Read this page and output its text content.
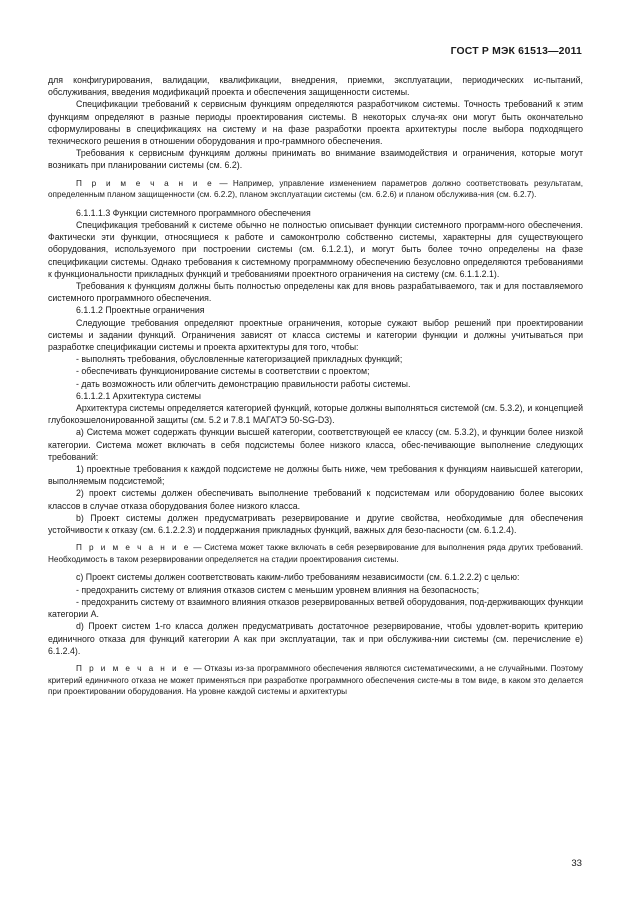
ГОСТ Р МЭК 61513—2011

для конфигурирования, валидации, квалификации, внедрения, приемки, эксплуатации, периодических ис-пытаний, обслуживания, введения модификаций проекта и обеспечения защищенности системы.

Спецификации требований к сервисным функциям определяются разработчиком системы. Точность требований к этим функциям определяют в разные периоды проектирования системы. В некоторых случа-ях они могут быть окончательно сформулированы в спецификациях на систему и на фазе разработки проекта архитектуры после выбора подходящего технического решения в отношении оборудования и про-граммного обеспечения.

Требования к сервисным функциям должны принимать во внимание взаимодействия и ограничения, которые могут возникать при планировании системы (см. 6.2).

П р и м е ч а н и е — Например, управление изменением параметров должно соответствовать результатам, определенным планом защищенности (см. 6.2.2), планом эксплуатации системы (см. 6.2.6) и планом обслужива-ния (см. 6.2.7).

6.1.1.1.3 Функции системного программного обеспечения

Спецификация требований к системе обычно не полностью описывает функции системного программ-ного обеспечения. Фактически эти функции, относящиеся к работе и самоконтролю собственно системы, характерны для существующего оборудования, используемого при построении системы (см. 6.1.2.1), и могут быть более точно определены на фазе спецификации системы. Однако требования к системному программному обеспечению безусловно определяются требованиями к функциональности прикладных функций и требованиями проектного ограничения на систему (см. 6.1.1.2.1).

Требования к функциям должны быть полностью определены как для вновь разрабатываемого, так и для поставляемого системного программного обеспечения.

6.1.1.2 Проектные ограничения

Следующие требования определяют проектные ограничения, которые сужают выбор решений при проектировании системы и задании функций. Ограничения зависят от класса системы и категории функции и должны учитываться при разработке спецификации системы и проекта архитектуры для того, чтобы:

- выполнять требования, обусловленные категоризацией прикладных функций;

- обеспечивать функционирование системы в соответствии с проектом;

- дать возможность или облегчить демонстрацию правильности работы системы.

6.1.1.2.1 Архитектура системы

Архитектура системы определяется категорией функций, которые должны выполняться системой (см. 5.3.2), и концепцией глубокоэшелонированной защиты (см. 5.2 и 7.8.1 МАГАТЭ 50-SG-D3).

а) Система может содержать функции высшей категории, соответствующей ее классу (см. 5.3.2), и функции более низкой категории. Система может включать в себя подсистемы более низкого класса, обес-печивающие выполнение следующих требований:

1) проектные требования к каждой подсистеме не должны быть ниже, чем требования к функциям наивысшей категории, выполняемым подсистемой;

2) проект системы должен обеспечивать выполнение требований к подсистемам или оборудованию более высоких классов в случае отказа оборудования более низкого класса.

b) Проект системы должен предусматривать резервирование и другие свойства, необходимые для обеспечения устойчивости к отказу (см. 6.1.2.2.3) и поддержания прикладных функций, важных для безо-пасности (см. 6.1.2.4).

П р и м е ч а н и е — Система может также включать в себя резервирование для выполнения ряда других требований. Необходимость в таком резервировании определяется на стадии проектирования системы.

с) Проект системы должен соответствовать каким-либо требованиям независимости (см. 6.1.2.2.2) с целью:

- предохранить систему от влияния отказов систем с меньшим уровнем влияния на безопасность;

- предохранить систему от взаимного влияния отказов резервированных ветвей оборудования, под-держивающих функции категории А.

d) Проект систем 1-го класса должен предусматривать достаточное резервирование, чтобы удовлет-ворить критерию единичного отказа для функций категории А как при эксплуатации, так и при обслужива-нии системы (см. перечисление е) 6.1.2.4).

П р и м е ч а н и е — Отказы из-за программного обеспечения являются систематическими, а не случайными. Поэтому критерий единичного отказа не может применяться при разработке программного обеспечения систе-мы в том виде, в каком это делается при проектировании оборудования. На уровне каждой системы и архитектуры

33
